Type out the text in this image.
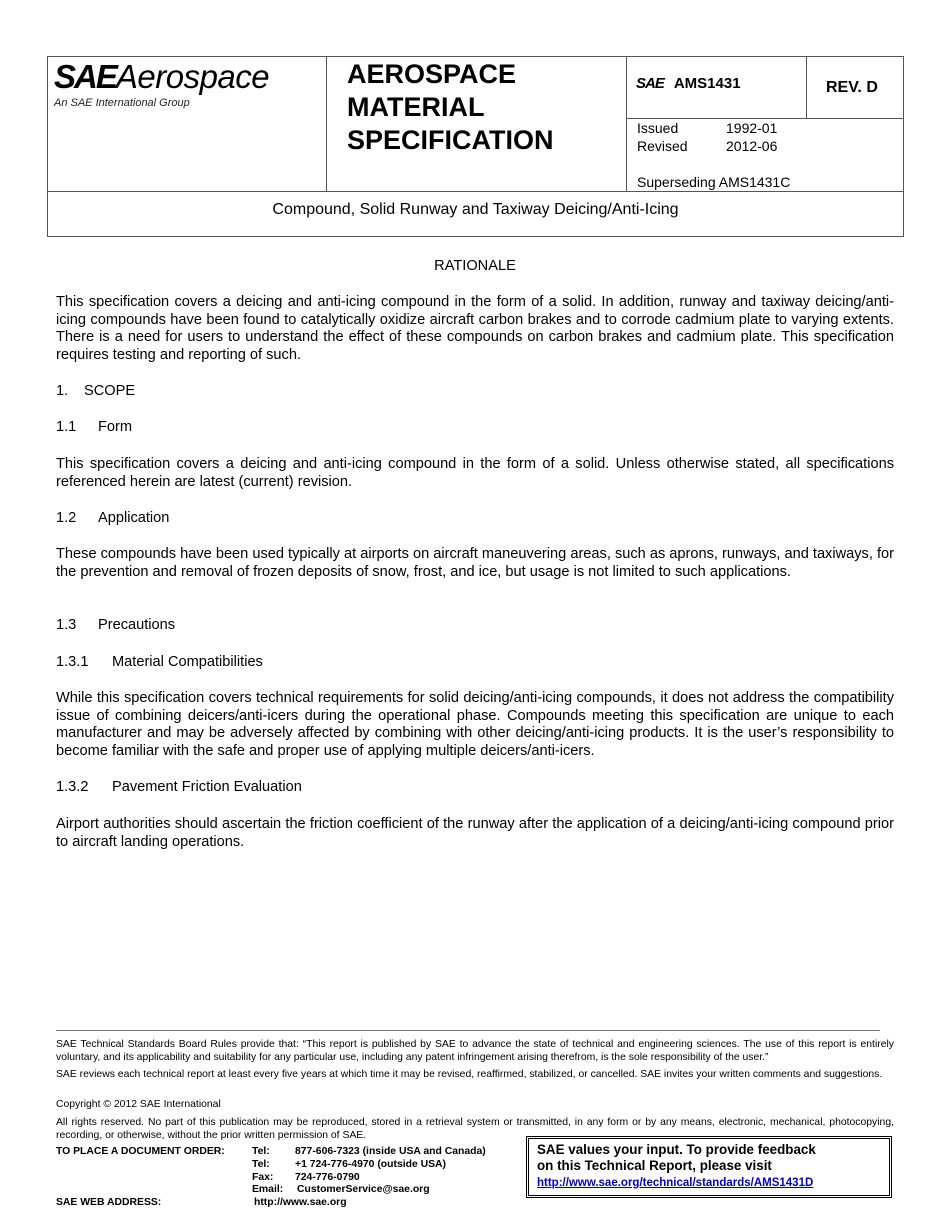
SAEAerospace
An SAE International Group
AEROSPACE
MATERIAL
SPECIFICATION
SAE AMS1431	REV. D
Issued	1992-01
Revised	2012-06
Superseding AMS1431C
Compound, Solid Runway and Taxiway Deicing/Anti-Icing
RATIONALE
This specification covers a deicing and anti-icing compound in the form of a solid. In addition, runway and taxiway deicing/anti-icing compounds have been found to catalytically oxidize aircraft carbon brakes and to corrode cadmium plate to varying extents. There is a need for users to understand the effect of these compounds on carbon brakes and cadmium plate. This specification requires testing and reporting of such.
1. SCOPE
1.1 Form
This specification covers a deicing and anti-icing compound in the form of a solid. Unless otherwise stated, all specifications referenced herein are latest (current) revision.
1.2 Application
These compounds have been used typically at airports on aircraft maneuvering areas, such as aprons, runways, and taxiways, for the prevention and removal of frozen deposits of snow, frost, and ice, but usage is not limited to such applications.
1.3 Precautions
1.3.1 Material Compatibilities
While this specification covers technical requirements for solid deicing/anti-icing compounds, it does not address the compatibility issue of combining deicers/anti-icers during the operational phase. Compounds meeting this specification are unique to each manufacturer and may be adversely affected by combining with other deicing/anti-icing products. It is the user’s responsibility to become familiar with the safe and proper use of applying multiple deicers/anti-icers.
1.3.2 Pavement Friction Evaluation
Airport authorities should ascertain the friction coefficient of the runway after the application of a deicing/anti-icing compound prior to aircraft landing operations.
SAE Technical Standards Board Rules provide that: “This report is published by SAE to advance the state of technical and engineering sciences. The use of this report is entirely voluntary, and its applicability and suitability for any particular use, including any patent infringement arising therefrom, is the sole responsibility of the user.”
SAE reviews each technical report at least every five years at which time it may be revised, reaffirmed, stabilized, or cancelled. SAE invites your written comments and suggestions.
Copyright © 2012 SAE International
All rights reserved. No part of this publication may be reproduced, stored in a retrieval system or transmitted, in any form or by any means, electronic, mechanical, photocopying, recording, or otherwise, without the prior written permission of SAE.
TO PLACE A DOCUMENT ORDER:	Tel: 877-606-7323 (inside USA and Canada)
Tel: +1 724-776-4970 (outside USA)
Fax: 724-776-0790
Email: CustomerService@sae.org
SAE WEB ADDRESS:	http://www.sae.org
SAE values your input. To provide feedback
on this Technical Report, please visit
http://www.sae.org/technical/standards/AMS1431D
